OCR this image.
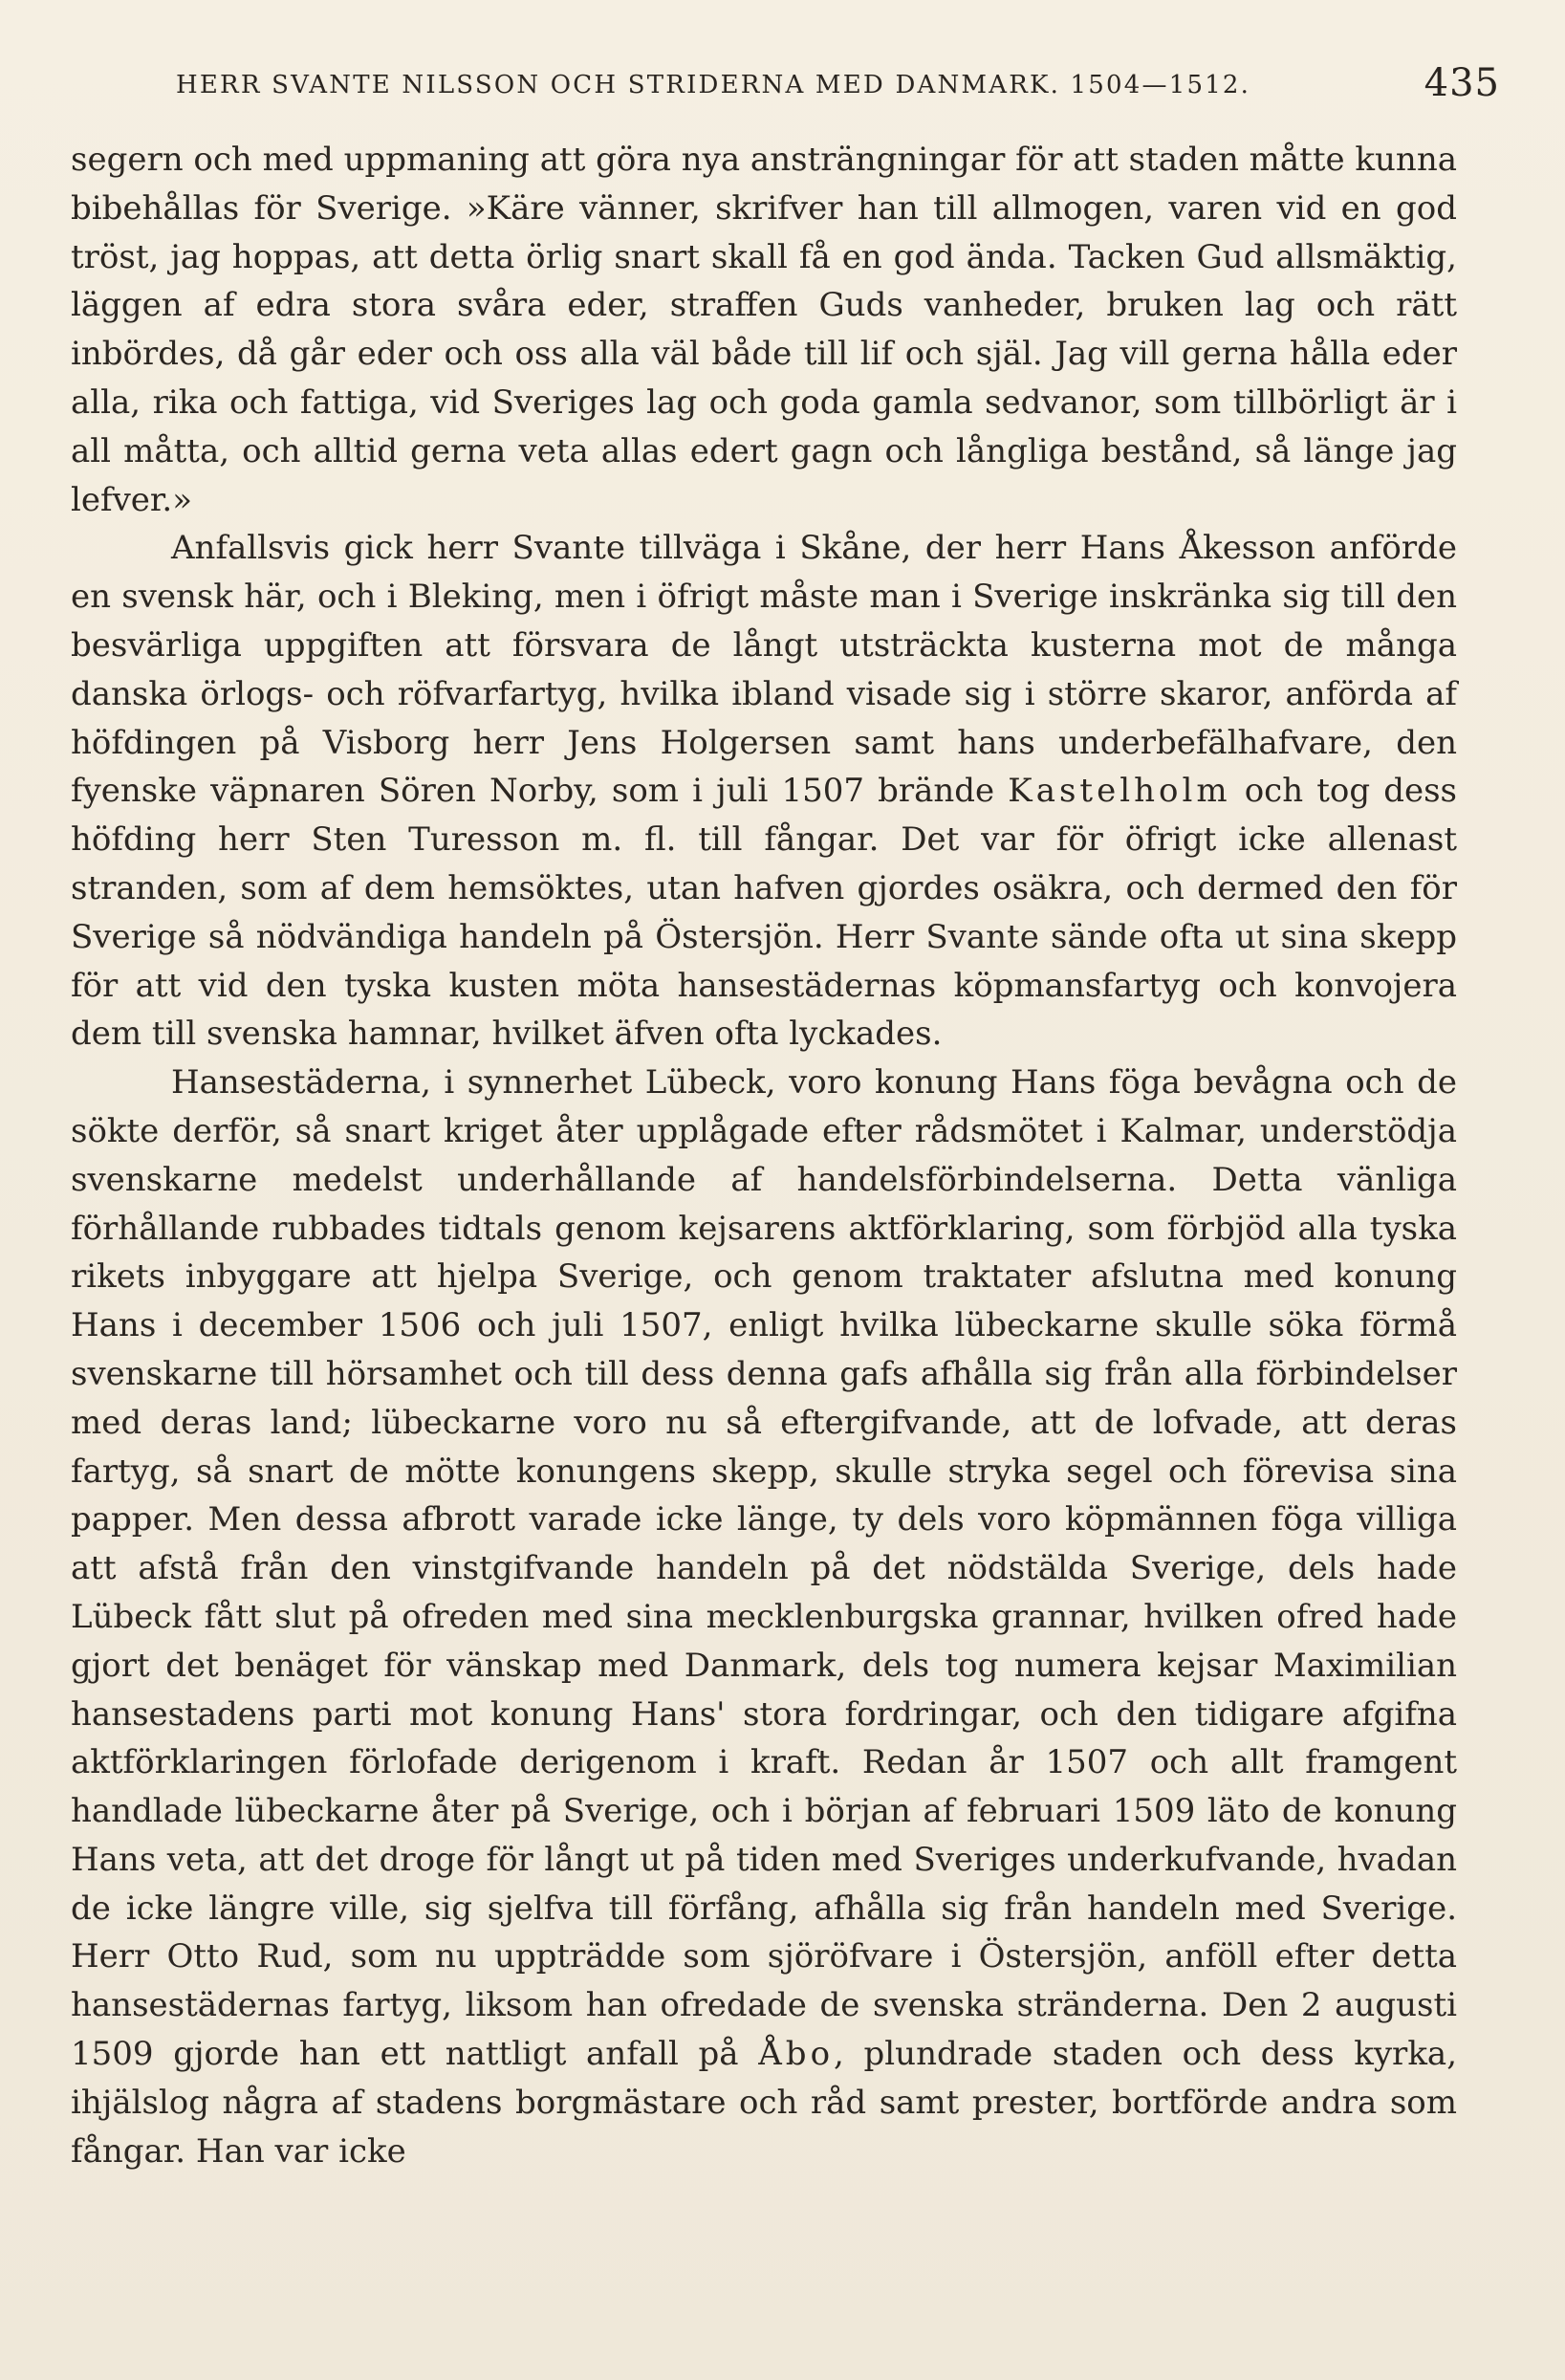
HERR SVANTE NILSSON OCH STRIDERNA MED DANMARK. 1504—1512.	435

segern och med uppmaning att göra nya ansträngningar för att staden måtte kunna bibehållas för Sverige. »Käre vänner, skrifver han till allmogen, varen vid en god tröst, jag hoppas, att detta örlig snart skall få en god ända. Tacken Gud allsmäktig, läggen af edra stora svåra eder, straffen Guds vanheder, bruken lag och rätt inbördes, då går eder och oss alla väl både till lif och själ. Jag vill gerna hålla eder alla, rika och fattiga, vid Sveriges lag och goda gamla sedvanor, som tillbörligt är i all måtta, och alltid gerna veta allas edert gagn och långliga bestånd, så länge jag lefver.»

Anfallsvis gick herr Svante tillväga i Skåne, der herr Hans Åkesson anförde en svensk här, och i Bleking, men i öfrigt måste man i Sverige inskränka sig till den besvärliga uppgiften att försvara de långt utsträckta kusterna mot de många danska örlogs- och röfvarfartyg, hvilka ibland visade sig i större skaror, anförda af höfdingen på Visborg herr Jens Holgersen samt hans underbefälhafvare, den fyenske väpnaren Sören Norby, som i juli 1507 brände Kastelholm och tog dess höfding herr Sten Turesson m. fl. till fångar. Det var för öfrigt icke allenast stranden, som af dem hemsöktes, utan hafven gjordes osäkra, och dermed den för Sverige så nödvändiga handeln på Östersjön. Herr Svante sände ofta ut sina skepp för att vid den tyska kusten möta hansestädernas köpmansfartyg och konvojera dem till svenska hamnar, hvilket äfven ofta lyckades.

Hansestäderna, i synnerhet Lübeck, voro konung Hans föga bevågna och de sökte derför, så snart kriget åter upplågade efter rådsmötet i Kalmar, understödja svenskarne medelst underhållande af handelsförbindelserna. Detta vänliga förhållande rubbades tidtals genom kejsarens aktförklaring, som förbjöd alla tyska rikets inbyggare att hjelpa Sverige, och genom traktater afslutna med konung Hans i december 1506 och juli 1507, enligt hvilka lübeckarne skulle söka förmå svenskarne till hörsamhet och till dess denna gafs afhålla sig från alla förbindelser med deras land; lübeckarne voro nu så eftergifvande, att de lofvade, att deras fartyg, så snart de mötte konungens skepp, skulle stryka segel och förevisa sina papper. Men dessa afbrott varade icke länge, ty dels voro köpmännen föga villiga att afstå från den vinstgifvande handeln på det nödstälda Sverige, dels hade Lübeck fått slut på ofreden med sina mecklenburgska grannar, hvilken ofred hade gjort det benäget för vänskap med Danmark, dels tog numera kejsar Maximilian hansestadens parti mot konung Hans' stora fordringar, och den tidigare afgifna aktförklaringen förlofade derigenom i kraft. Redan år 1507 och allt framgent handlade lübeckarne åter på Sverige, och i början af februari 1509 läto de konung Hans veta, att det droge för långt ut på tiden med Sveriges underkufvande, hvadan de icke längre ville, sig sjelfva till förfång, afhålla sig från handeln med Sverige. Herr Otto Rud, som nu uppträdde som sjöröfvare i Östersjön, anföll efter detta hansestädernas fartyg, liksom han ofredade de svenska stränderna. Den 2 augusti 1509 gjorde han ett nattligt anfall på Åbo, plundrade staden och dess kyrka, ihjälslog några af stadens borgmästare och råd samt prester, bortförde andra som fångar. Han var icke
